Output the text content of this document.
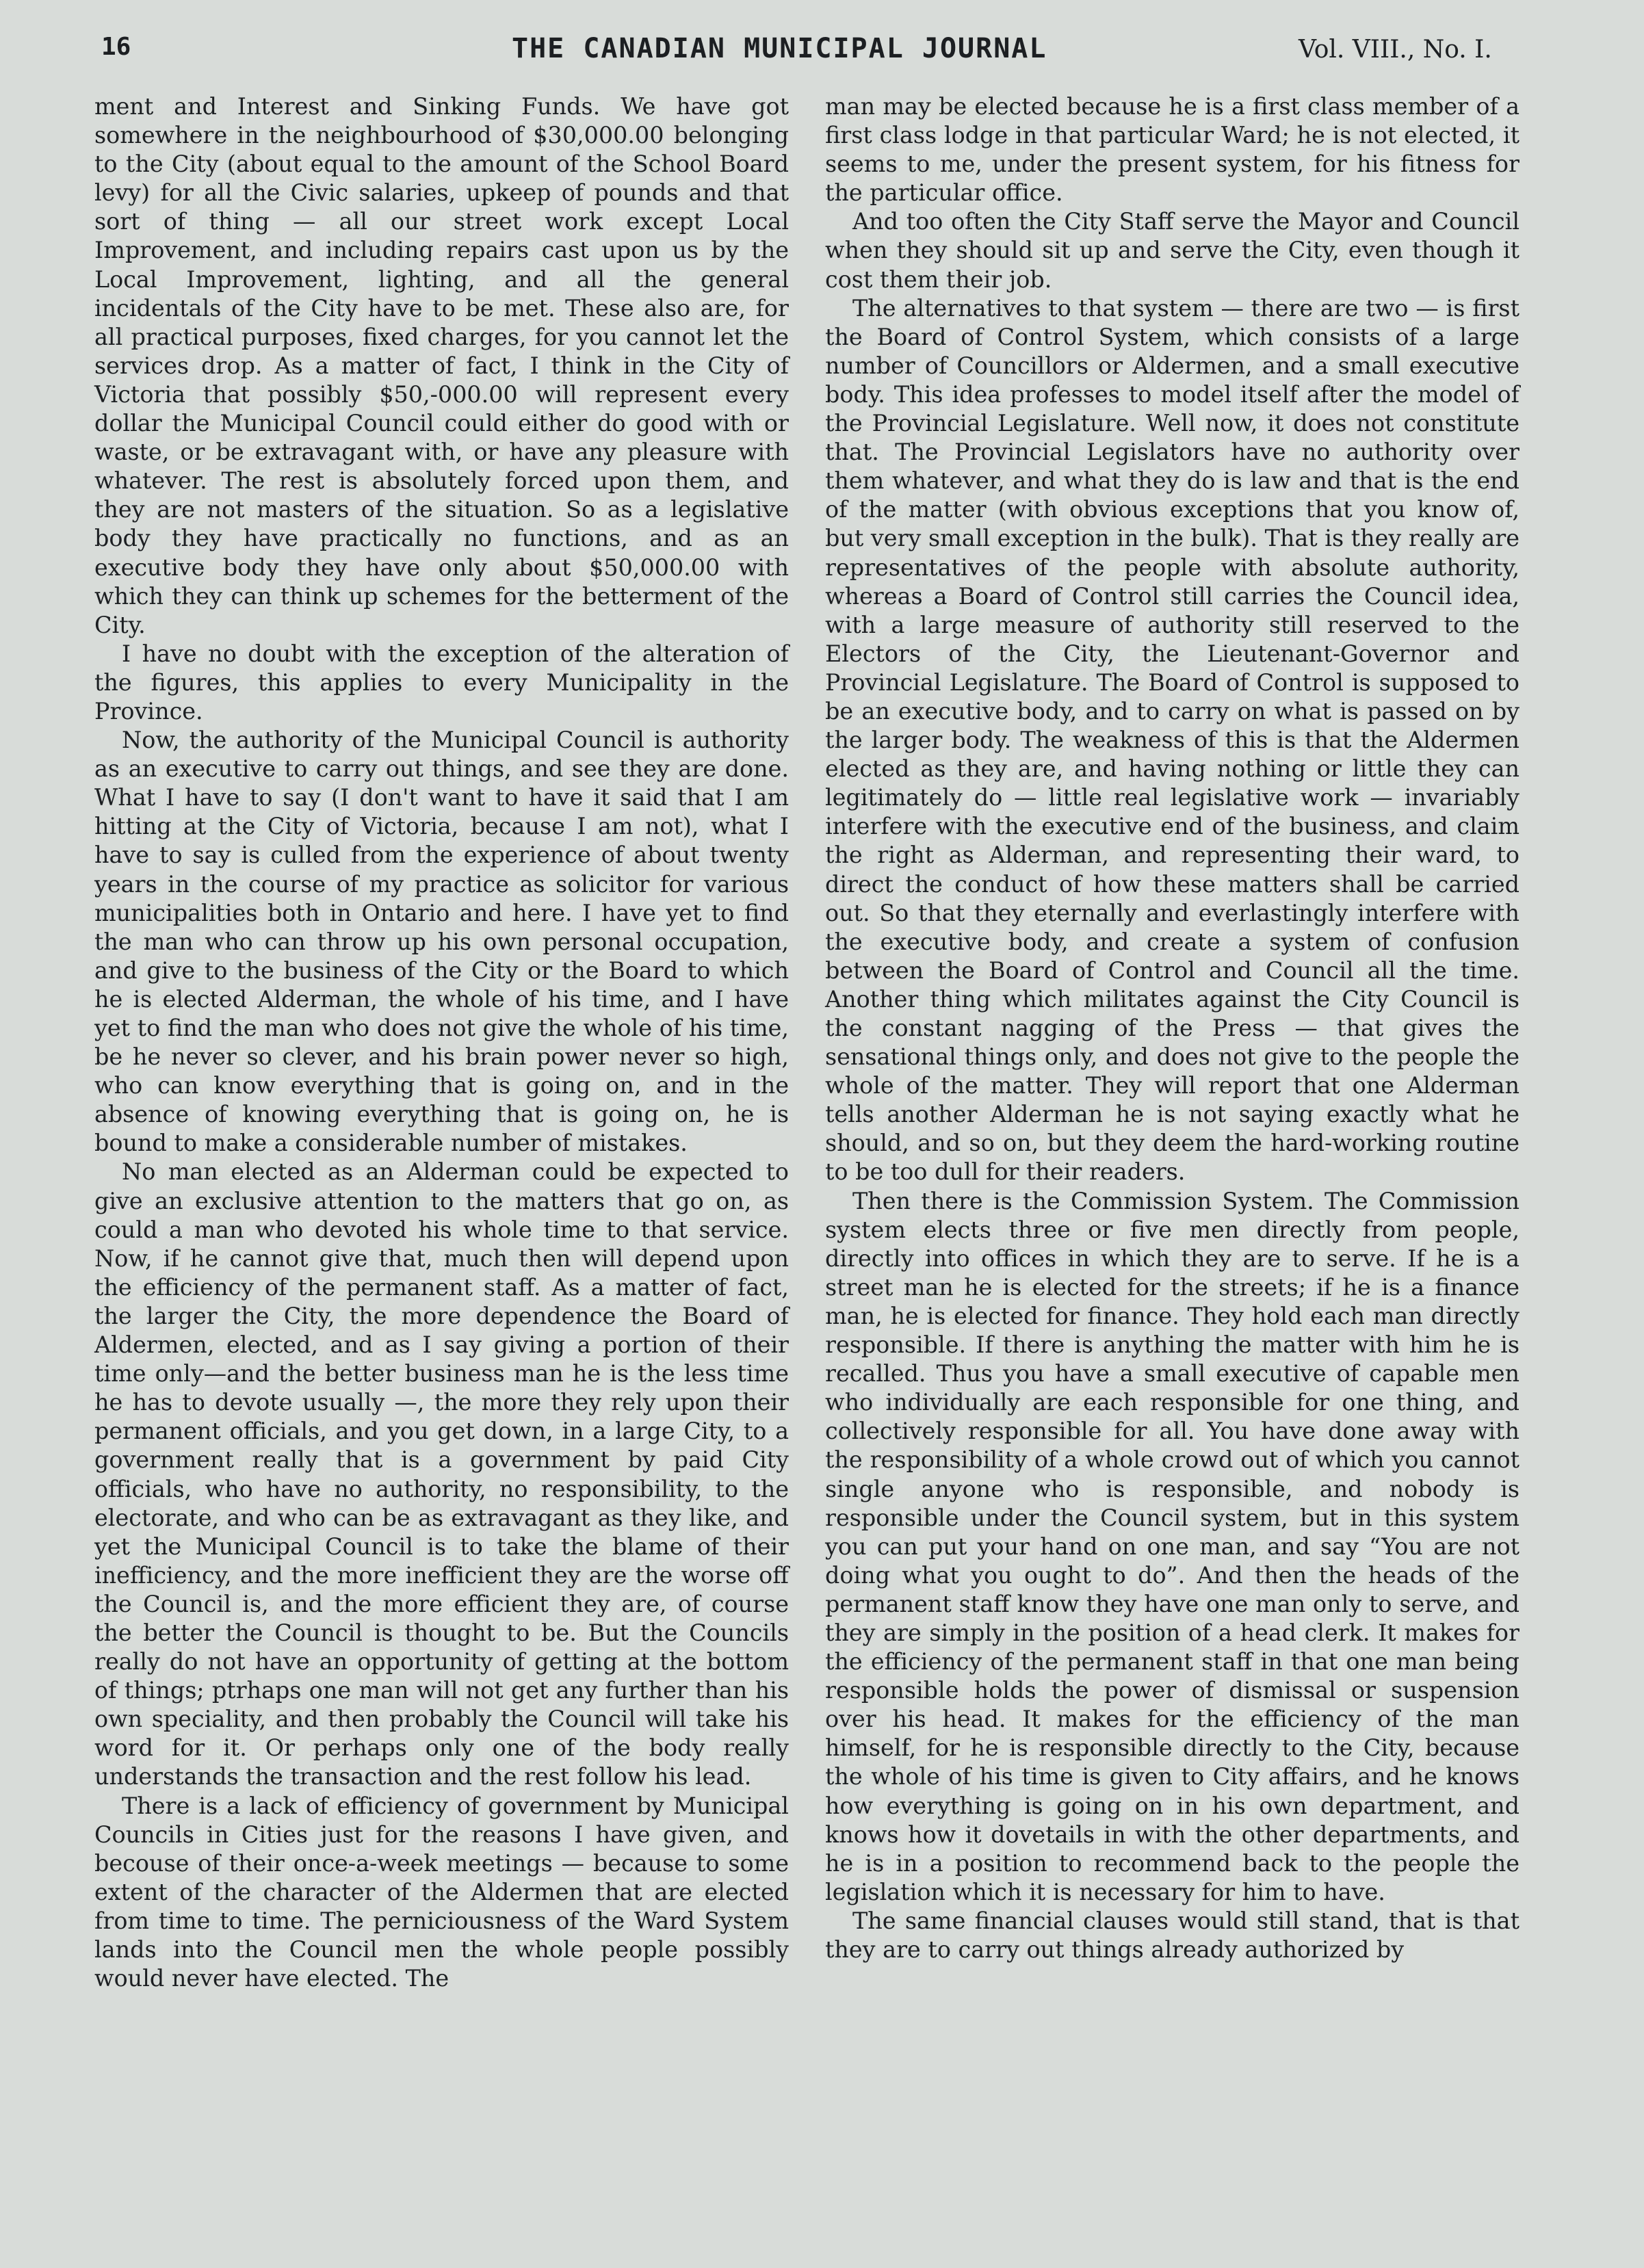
16	THE CANADIAN MUNICIPAL JOURNAL	Vol. VIII., No. I.

ment and Interest and Sinking Funds. We have got somewhere in the neighbourhood of $30,000.00 belonging to the City (about equal to the amount of the School Board levy) for all the Civic salaries, upkeep of pounds and that sort of thing — all our street work except Local Improvement, and including repairs cast upon us by the Local Improvement, lighting, and all the general incidentals of the City have to be met. These also are, for all practical purposes, fixed charges, for you cannot let the services drop. As a matter of fact, I think in the City of Victoria that possibly $50,-000.00 will represent every dollar the Municipal Council could either do good with or waste, or be extravagant with, or have any pleasure with whatever. The rest is absolutely forced upon them, and they are not masters of the situation. So as a legislative body they have practically no functions, and as an executive body they have only about $50,000.00 with which they can think up schemes for the betterment of the City.

I have no doubt with the exception of the alteration of the figures, this applies to every Municipality in the Province.

Now, the authority of the Municipal Council is authority as an executive to carry out things, and see they are done. What I have to say (I don't want to have it said that I am hitting at the City of Victoria, because I am not), what I have to say is culled from the experience of about twenty years in the course of my practice as solicitor for various municipalities both in Ontario and here. I have yet to find the man who can throw up his own personal occupation, and give to the business of the City or the Board to which he is elected Alderman, the whole of his time, and I have yet to find the man who does not give the whole of his time, be he never so clever, and his brain power never so high, who can know everything that is going on, and in the absence of knowing everything that is going on, he is bound to make a considerable number of mistakes.

No man elected as an Alderman could be expected to give an exclusive attention to the matters that go on, as could a man who devoted his whole time to that service. Now, if he cannot give that, much then will depend upon the efficiency of the permanent staff. As a matter of fact, the larger the City, the more dependence the Board of Aldermen, elected, and as I say giving a portion of their time only—and the better business man he is the less time he has to devote usually —, the more they rely upon their permanent officials, and you get down, in a large City, to a government really that is a government by paid City officials, who have no authority, no responsibility, to the electorate, and who can be as extravagant as they like, and yet the Municipal Council is to take the blame of their inefficiency, and the more inefficient they are the worse off the Council is, and the more efficient they are, of course the better the Council is thought to be. But the Councils really do not have an opportunity of getting at the bottom of things; ptrhaps one man will not get any further than his own speciality, and then probably the Council will take his word for it. Or perhaps only one of the body really understands the transaction and the rest follow his lead.

There is a lack of efficiency of government by Municipal Councils in Cities just for the reasons I have given, and becouse of their once-a-week meetings — because to some extent of the character of the Aldermen that are elected from time to time. The perniciousness of the Ward System lands into the Council men the whole people possibly would never have elected. The

man may be elected because he is a first class member of a first class lodge in that particular Ward; he is not elected, it seems to me, under the present system, for his fitness for the particular office.

And too often the City Staff serve the Mayor and Council when they should sit up and serve the City, even though it cost them their job.

The alternatives to that system — there are two — is first the Board of Control System, which consists of a large number of Councillors or Aldermen, and a small executive body. This idea professes to model itself after the model of the Provincial Legislature. Well now, it does not constitute that. The Provincial Legislators have no authority over them whatever, and what they do is law and that is the end of the matter (with obvious exceptions that you know of, but very small exception in the bulk). That is they really are representatives of the people with absolute authority, whereas a Board of Control still carries the Council idea, with a large measure of authority still reserved to the Electors of the City, the Lieutenant-Governor and Provincial Legislature. The Board of Control is supposed to be an executive body, and to carry on what is passed on by the larger body. The weakness of this is that the Aldermen elected as they are, and having nothing or little they can legitimately do — little real legislative work — invariably interfere with the executive end of the business, and claim the right as Alderman, and representing their ward, to direct the conduct of how these matters shall be carried out. So that they eternally and everlastingly interfere with the executive body, and create a system of confusion between the Board of Control and Council all the time. Another thing which militates against the City Council is the constant nagging of the Press — that gives the sensational things only, and does not give to the people the whole of the matter. They will report that one Alderman tells another Alderman he is not saying exactly what he should, and so on, but they deem the hard-working routine to be too dull for their readers.

Then there is the Commission System. The Commission system elects three or five men directly from people, directly into offices in which they are to serve. If he is a street man he is elected for the streets; if he is a finance man, he is elected for finance. They hold each man directly responsible. If there is anything the matter with him he is recalled. Thus you have a small executive of capable men who individually are each responsible for one thing, and collectively responsible for all. You have done away with the responsibility of a whole crowd out of which you cannot single anyone who is responsible, and nobody is responsible under the Council system, but in this system you can put your hand on one man, and say “You are not doing what you ought to do”. And then the heads of the permanent staff know they have one man only to serve, and they are simply in the position of a head clerk. It makes for the efficiency of the permanent staff in that one man being responsible holds the power of dismissal or suspension over his head. It makes for the efficiency of the man himself, for he is responsible directly to the City, because the whole of his time is given to City affairs, and he knows how everything is going on in his own department, and knows how it dovetails in with the other departments, and he is in a position to recommend back to the people the legislation which it is necessary for him to have.

The same financial clauses would still stand, that is that they are to carry out things already authorized by
